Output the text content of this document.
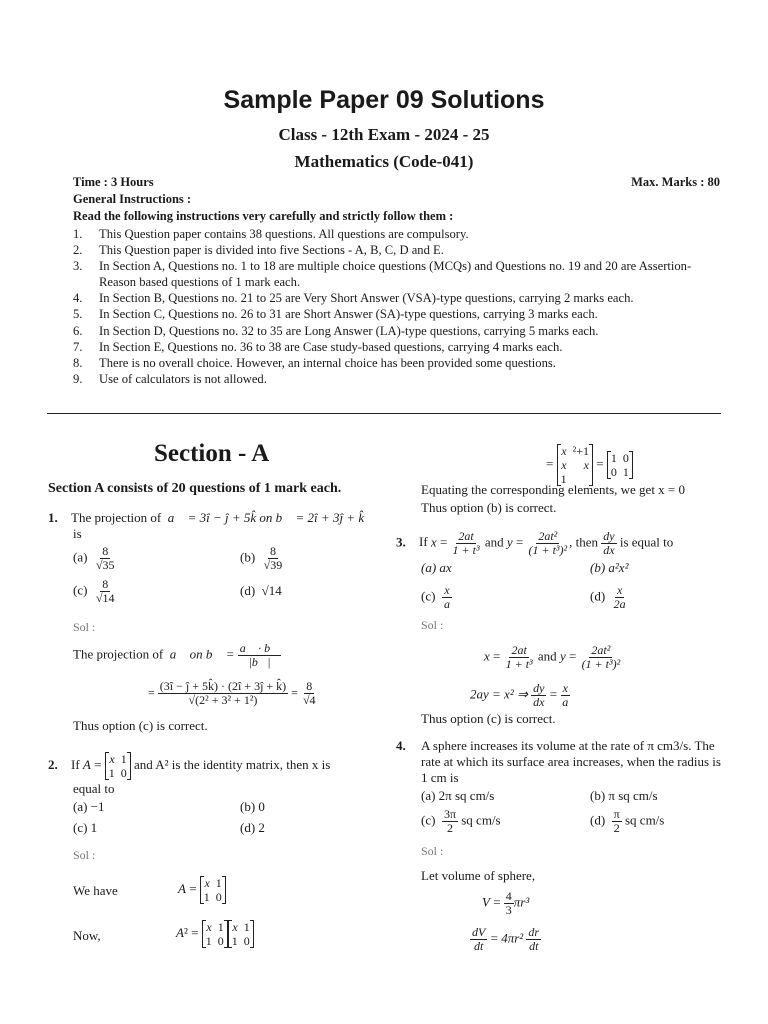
Sample Paper 09 Solutions
Class - 12th Exam - 2024 - 25
Mathematics (Code-041)
Time : 3 Hours	Max. Marks : 80
General Instructions :
Read the following instructions very carefully and strictly follow them :
1.	This Question paper contains 38 questions. All questions are compulsory.
2.	This Question paper is divided into five Sections - A, B, C, D and E.
3.	In Section A, Questions no. 1 to 18 are multiple choice questions (MCQs) and Questions no. 19 and 20 are Assertion-Reason based questions of 1 mark each.
4.	In Section B, Questions no. 21 to 25 are Very Short Answer (VSA)-type questions, carrying 2 marks each.
5.	In Section C, Questions no. 26 to 31 are Short Answer (SA)-type questions, carrying 3 marks each.
6.	In Section D, Questions no. 32 to 35 are Long Answer (LA)-type questions, carrying 5 marks each.
7.	In Section E, Questions no. 36 to 38 are Case study-based questions, carrying 4 marks each.
8.	There is no overall choice. However, an internal choice has been provided some questions.
9.	Use of calculators is not allowed.
Section - A
Section A consists of 20 questions of 1 mark each.
1. The projection of  a⃗ = 3î − ĵ + 5k̂ on b⃗ = 2î + 3ĵ + k̂
is
$(a) \frac{8}{√35}$	$(b) \frac{8}{√39}$
$(c) \frac{8}{√14}$	(d)  √14
Sol :
The projection of  a⃗ on b⃗ = $\frac{a⃗ \cdot b⃗}{|b⃗|}$
= $\frac{(3î - ĵ + 5k̂) \cdot (2î + 3ĵ + k̂)}{\text{√(2² + 3² + 1²)}} = \frac{8}{√4}$
Thus option (c) is correct.
2. If A = x 1
1 0
and A² is the identity matrix, then x is
equal to
(a) −1	(b) 0
(c) 1	(d) 2
Sol :
We have	A = x 1
1 0
Now,	A² = x 1
1 0
x 1
1 0
=
x ²+1
x	x
1
= 1 0
0 1
Equating the corresponding elements, we get x = 0
Thus option (b) is correct.
3. If $x = \frac{2at}{\text{1 + t³}}$ and $y = \frac{\text{2at²}}{\text{(1 + t³)²}}$ , then $\frac{dy}{dx}$ is equal to
(a) ax	(b) a²x²
$(c) \frac{x}{a}$	$(d) \frac{x}{2a}$
Sol :
$x = \frac{2at}{\text{1 + t³}}$ and $y = \frac{\text{2at²}}{\text{(1 + t³)²}}$
2ay = x² ⇒ $\frac{dy}{dx} = \frac{x}{a}$
Thus option (c) is correct.
4.	A sphere increases its volume at the rate of π cm3/s. The rate at which its surface area increases, when the radius is 1 cm is
(a) 2π sq cm/s	(b) π sq cm/s
$(c) \frac{3\pi}{2}$ sq cm/s	$(d) \frac{\pi}{2}$ sq cm/s
Sol :
Let volume of sphere,
$V = \frac{4}{3} \pi r^3$
$\frac{dV}{dt} = 4\pi r^2 \frac{dr}{dt}$
